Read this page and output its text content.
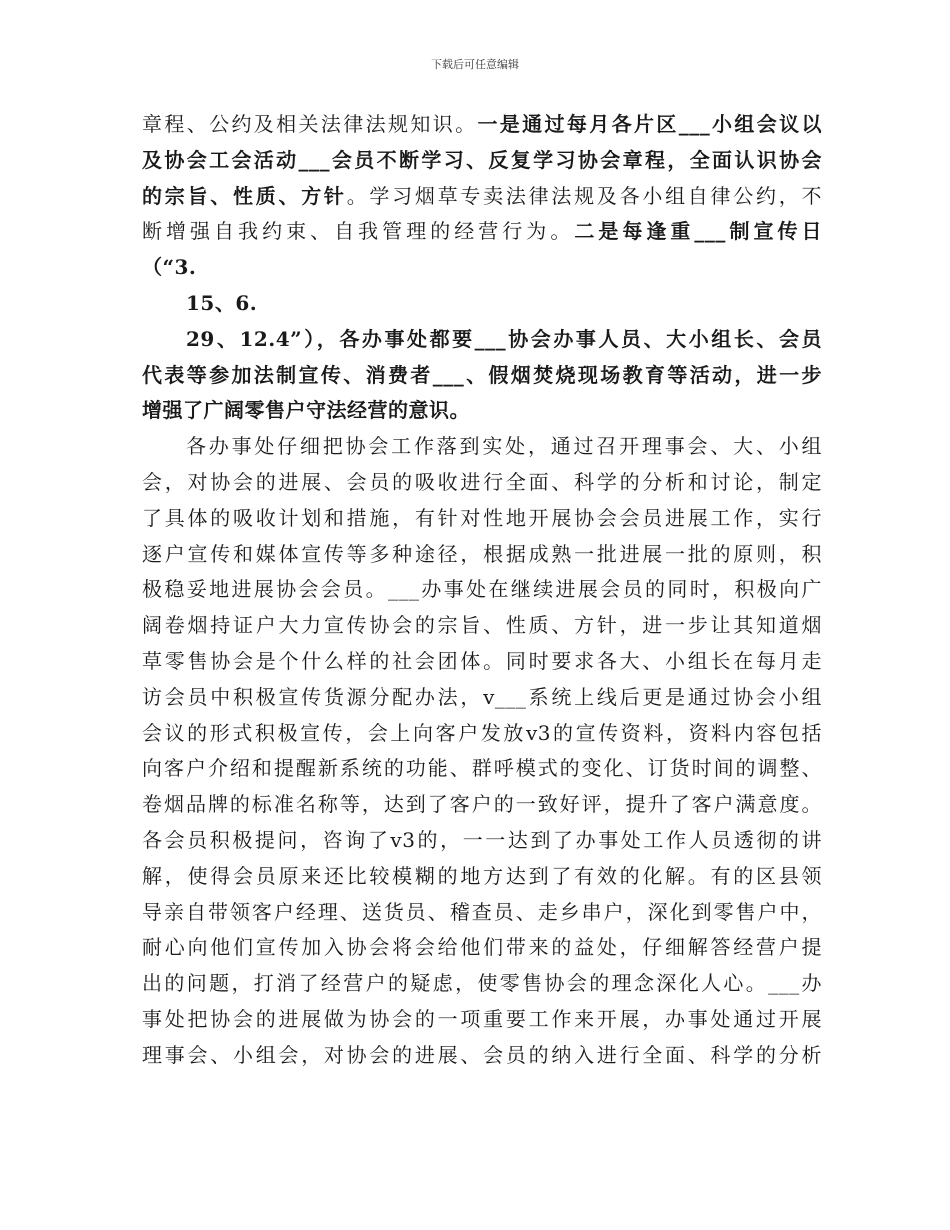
下载后可任意编辑

章程、公约及相关法律法规知识。一是通过每月各片区___小组会议以
及协会工会活动___会员不断学习、反复学习协会章程，全面认识协会
的宗旨、性质、方针。学习烟草专卖法律法规及各小组自律公约，不
断增强自我约束、自我管理的经营行为。二是每逢重___制宣传日
（“3.

15、6.

29、12.4”），各办事处都要___协会办事人员、大小组长、会员
代表等参加法制宣传、消费者___、假烟焚烧现场教育等活动，进一步
增强了广阔零售户守法经营的意识。

各办事处仔细把协会工作落到实处，通过召开理事会、大、小组
会，对协会的进展、会员的吸收进行全面、科学的分析和讨论，制定
了具体的吸收计划和措施，有针对性地开展协会会员进展工作，实行
逐户宣传和媒体宣传等多种途径，根据成熟一批进展一批的原则，积
极稳妥地进展协会会员。___办事处在继续进展会员的同时，积极向广
阔卷烟持证户大力宣传协会的宗旨、性质、方针，进一步让其知道烟
草零售协会是个什么样的社会团体。同时要求各大、小组长在每月走
访会员中积极宣传货源分配办法，v___系统上线后更是通过协会小组
会议的形式积极宣传，会上向客户发放v3的宣传资料，资料内容包括
向客户介绍和提醒新系统的功能、群呼模式的变化、订货时间的调整、
卷烟品牌的标准名称等，达到了客户的一致好评，提升了客户满意度。
各会员积极提问，咨询了v3的，一一达到了办事处工作人员透彻的讲
解，使得会员原来还比较模糊的地方达到了有效的化解。有的区县领
导亲自带领客户经理、送货员、稽查员、走乡串户，深化到零售户中，
耐心向他们宣传加入协会将会给他们带来的益处，仔细解答经营户提
出的问题，打消了经营户的疑虑，使零售协会的理念深化人心。___办
事处把协会的进展做为协会的一项重要工作来开展，办事处通过开展
理事会、小组会，对协会的进展、会员的纳入进行全面、科学的分析
